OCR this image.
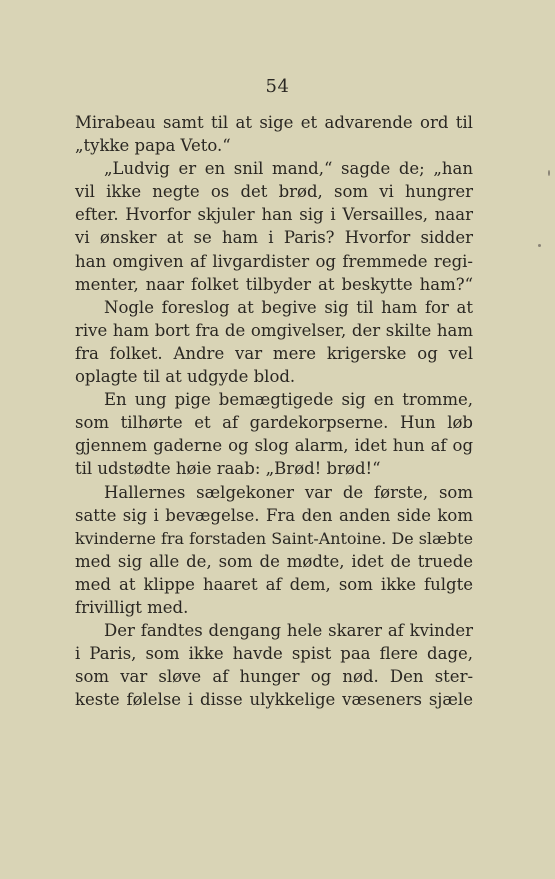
54
Mirabeau samt til at sige et advarende ord til
„tykke papa Veto.“
„Ludvig er en snil mand,“ sagde de; „han
vil ikke negte os det brød, som vi hungrer
efter. Hvorfor skjuler han sig i Versailles, naar
vi ønsker at se ham i Paris? Hvorfor sidder
han omgiven af livgardister og fremmede regi-
menter, naar folket tilbyder at beskytte ham?“
Nogle foreslog at begive sig til ham for at
rive ham bort fra de omgivelser, der skilte ham
fra folket. Andre var mere krigerske og vel
oplagte til at udgyde blod.
En ung pige bemægtigede sig en tromme,
som tilhørte et af gardekorpserne. Hun løb
gjennem gaderne og slog alarm, idet hun af og
til udstødte høie raab: „Brød! brød!“
Hallernes sælgekoner var de første, som
satte sig i bevægelse. Fra den anden side kom
kvinderne fra forstaden Saint-Antoine. De slæbte
med sig alle de, som de mødte, idet de truede
med at klippe haaret af dem, som ikke fulgte
frivilligt med.
Der fandtes dengang hele skarer af kvinder
i Paris, som ikke havde spist paa flere dage,
som var sløve af hunger og nød. Den ster-
keste følelse i disse ulykkelige væseners sjæle
